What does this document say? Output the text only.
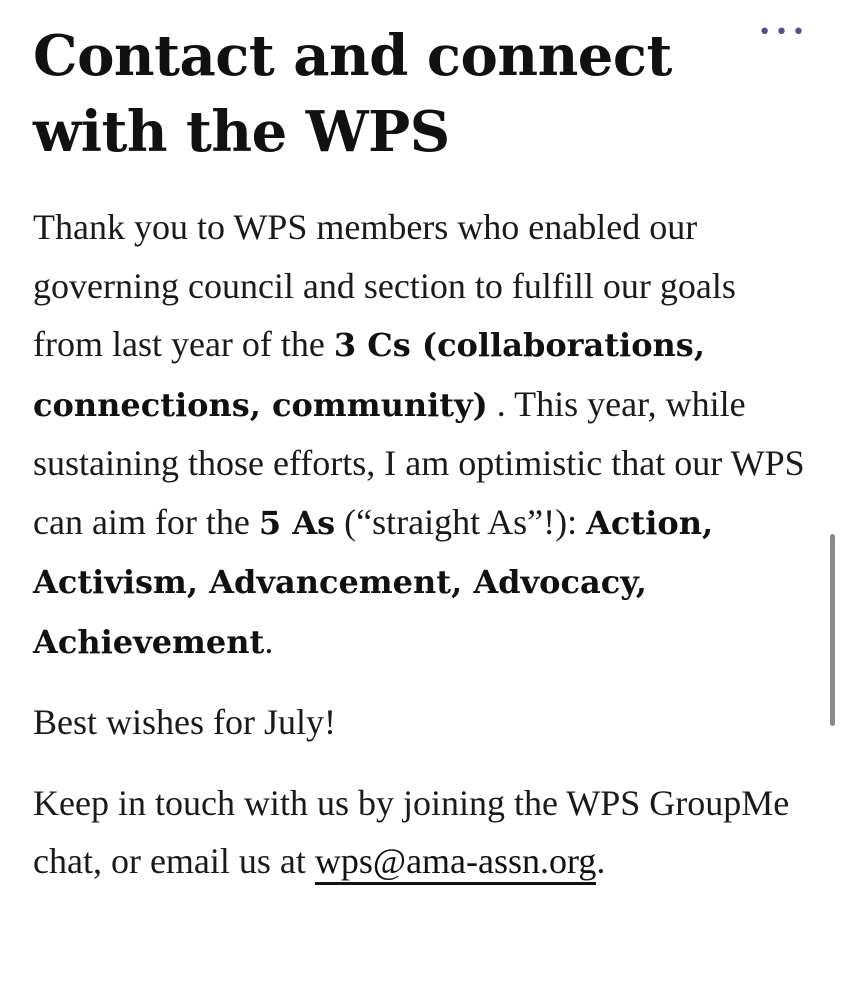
Contact and connect with the WPS

Thank you to WPS members who enabled our governing council and section to fulfill our goals from last year of the 3 Cs (collaborations, connections, community) . This year, while sustaining those efforts, I am optimistic that our WPS can aim for the 5 As (“straight As”!): Action, Activism, Advancement, Advocacy, Achievement.

Best wishes for July!

Keep in touch with us by joining the WPS GroupMe chat, or email us at wps@ama-assn.org.

•••
